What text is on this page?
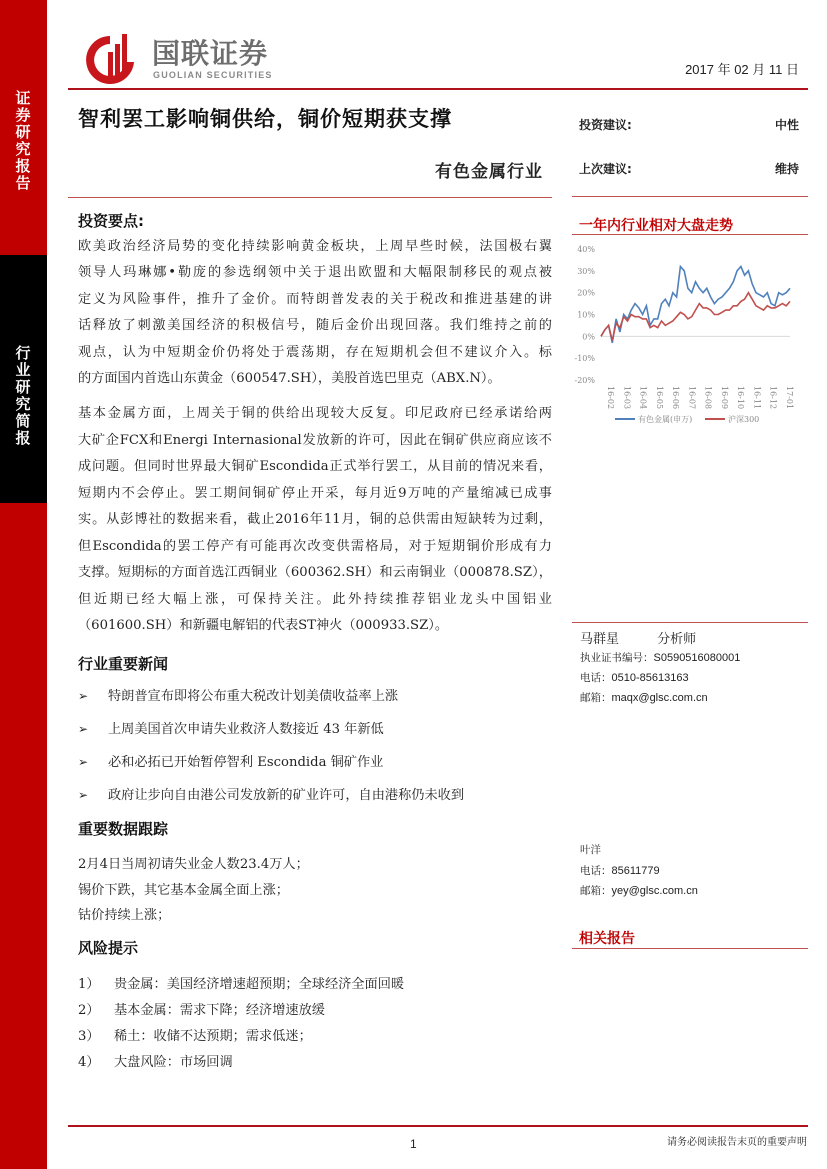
证券研究报告
行业研究简报
国联证券
GUOLIAN SECURITIES	2017 年 02 月 11 日
智利罢工影响铜供给，铜价短期获支撑
有色金属行业
投资建议:	中性
上次建议:	维持
投资要点:
欧美政治经济局势的变化持续影响黄金板块，上周早些时候，法国极右翼
领导人玛琳娜•勒庞的参选纲领中关于退出欧盟和大幅限制移民的观点被
定义为风险事件，推升了金价。而特朗普发表的关于税改和推进基建的讲
话释放了刺激美国经济的积极信号，随后金价出现回落。我们维持之前的
观点，认为中短期金价仍将处于震荡期，存在短期机会但不建议介入。标
的方面国内首选山东黄金（600547.SH），美股首选巴里克（ABX.N）。
基本金属方面，上周关于铜的供给出现较大反复。印尼政府已经承诺给两
大矿企FCX和Energi Internasional发放新的许可，因此在铜矿供应商应该不
成问题。但同时世界最大铜矿Escondida正式举行罢工，从目前的情况来看，
短期内不会停止。罢工期间铜矿停止开采，每月近9万吨的产量缩减已成事
实。从彭博社的数据来看，截止2016年11月，铜的总供需由短缺转为过剩，
但Escondida的罢工停产有可能再次改变供需格局，对于短期铜价形成有力
支撑。短期标的方面首选江西铜业（600362.SH）和云南铜业（000878.SZ），
但近期已经大幅上涨，可保持关注。此外持续推荐铝业龙头中国铝业
（601600.SH）和新疆电解铝的代表ST神火（000933.SZ）。
行业重要新闻
➢ 特朗普宣布即将公布重大税改计划美债收益率上涨
➢ 上周美国首次申请失业救济人数接近 43 年新低
➢ 必和必拓已开始暂停智利 Escondida 铜矿作业
➢ 政府让步向自由港公司发放新的矿业许可，自由港称仍未收到
重要数据跟踪
2月4日当周初请失业金人数23.4万人；
锡价下跌，其它基本金属全面上涨；
钴价持续上涨；
风险提示
1） 贵金属：美国经济增速超预期；全球经济全面回暖
2） 基本金属：需求下降；经济增速放缓
3） 稀土：收储不达预期；需求低迷；
4） 大盘风险：市场回调
一年内行业相对大盘走势
40%
30%
20%
10%
0%
-10%
-20%
16-02 16-03 16-04 16-05 16-06 16-07 16-08 16-09 16-10 16-11 16-12 17-01
有色金属(申万)	沪深300
马群星	分析师
执业证书编号：S0590516080001
电话：0510-85613163
邮箱：maqx@glsc.com.cn
叶洋
电话：85611779
邮箱：yey@glsc.com.cn
相关报告
1	请务必阅读报告末页的重要声明
